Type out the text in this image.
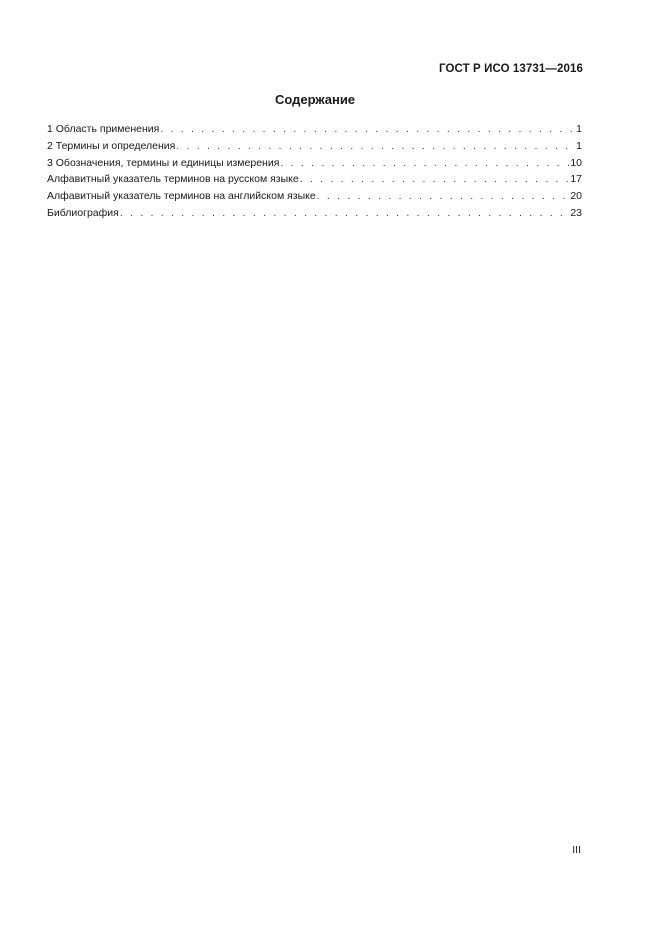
ГОСТ Р ИСО 13731—2016
Содержание
1 Область применения . . .	1
2 Термины и определения . . .	1
3 Обозначения, термины и единицы измерения . . .	10
Алфавитный указатель терминов на русском языке . . .	17
Алфавитный указатель терминов на английском языке . . .	20
Библиография . . .	23
III
